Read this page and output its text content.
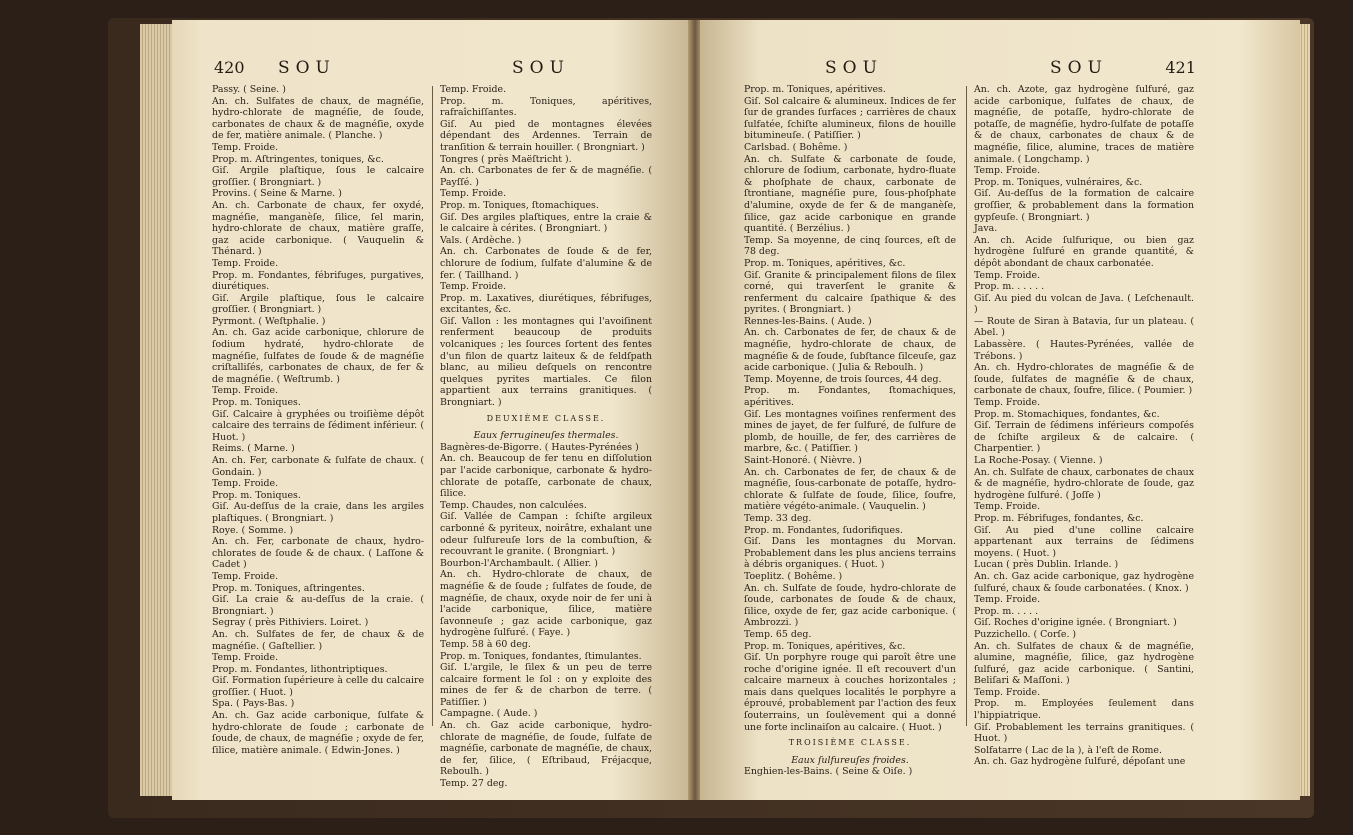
420 SOU	SOU

Passy. ( Seine. )

An. ch. Sulfates de chaux, de magnéſie, hydro-chlorate de magnéſie, de ſoude, carbonates de chaux & de magnéſie, oxyde de fer, matière animale. ( Planche. )

Temp. Froide.

Prop. m. Aſtringentes, toniques, &c.

Giſ. Argile plaſtique, ſous le calcaire groſſier. ( Brongniart. )

Provins. ( Seine & Marne. )

An. ch. Carbonate de chaux, fer oxydé, magnéſie, manganèſe, ſilice, ſel marin, hydro-chlorate de chaux, matière graſſe, gaz acide carbonique. ( Vauquelin & Thénard. )

Temp. Froide.

Prop. m. Fondantes, fébrifuges, purgatives, diurétiques.

Giſ. Argile plaſtique, ſous le calcaire groſſier. ( Brongniart. )

Pyrmont. ( Weſtphalie. )

An. ch. Gaz acide carbonique, chlorure de ſodium hydraté, hydro-chlorate de magnéſie, ſulfates de ſoude & de magnéſie criſtalliſés, carbonates de chaux, de fer & de magnéſie. ( Weſtrumb. )

Temp. Froide.

Prop. m. Toniques.

Giſ. Calcaire à gryphées ou troiſième dépôt calcaire des terrains de ſédiment inférieur. ( Huot. )

Reims. ( Marne. )

An. ch. Fer, carbonate & ſulfate de chaux. ( Gondain. )

Temp. Froide.

Prop. m. Toniques.

Giſ. Au-deſſus de la craie, dans les argiles plaſtiques. ( Brongniart. )

Roye. ( Somme. )

An. ch. Fer, carbonate de chaux, hydro-chlorates de ſoude & de chaux. ( Laſſone & Cadet )

Temp. Froide.

Prop. m. Toniques, aſtringentes.

Giſ. La craie & au-deſſus de la craie. ( Brongniart. )

Segray ( près Pithiviers. Loiret. )

An. ch. Sulfates de fer, de chaux & de magnéſie. ( Gaſtellier. )

Temp. Froide.

Prop. m. Fondantes, lithontriptiques.

Giſ. Formation ſupérieure à celle du calcaire groſſier. ( Huot. )

Spa. ( Pays-Bas. )

An. ch. Gaz acide carbonique, ſulfate & hydro-chlorate de ſoude ; carbonate de ſoude, de chaux, de magnéſie ; oxyde de fer, ſilice, matière animale. ( Edwin-Jones. )

Temp. Froide.

Prop. m. Toniques, apéritives, rafraîchiſſantes.

Giſ. Au pied de montagnes élevées dépendant des Ardennes. Terrain de tranſition & terrain houiller. ( Brongniart. )

Tongres ( près Maëſtricht ).

An. ch. Carbonates de fer & de magnéſie. ( Payſſé. )

Temp. Froide.

Prop. m. Toniques, ſtomachiques.

Giſ. Des argiles plaſtiques, entre la craie & le calcaire à cérites. ( Brongniart. )

Vals. ( Ardèche. )

An. ch. Carbonates de ſoude & de fer, chlorure de ſodium, ſulfate d'alumine & de fer. ( Taillhand. )

Temp. Froide.

Prop. m. Laxatives, diurétiques, fébrifuges, excitantes, &c.

Giſ. Vallon : les montagnes qui l'avoiſinent renferment beaucoup de produits volcaniques ; les ſources ſortent des fentes d'un filon de quartz laiteux & de feldſpath blanc, au milieu deſquels on rencontre quelques pyrites martiales. Ce filon appartient aux terrains granitiques. ( Brongniart. )

DEUXIÈME CLASSE.

Eaux ferrugineuſes thermales.

Bagnères-de-Bigorre. ( Hautes-Pyrénées )

An. ch. Beaucoup de fer tenu en diſſolution par l'acide carbonique, carbonate & hydro-chlorate de potaſſe, carbonate de chaux, ſilice.

Temp. Chaudes, non calculées.

Giſ. Vallée de Campan : ſchiſte argileux carbonné & pyriteux, noirâtre, exhalant une odeur ſulfureuſe lors de la combuſtion, & recouvrant le granite. ( Brongniart. )

Bourbon-l'Archambault. ( Allier. )

An. ch. Hydro-chlorate de chaux, de magnéſie & de ſoude ; ſulfates de ſoude, de magnéſie, de chaux, oxyde noir de fer uni à l'acide carbonique, ſilice, matière ſavonneuſe ; gaz acide carbonique, gaz hydrogène ſulfuré. ( Faye. )

Temp. 58 à 60 deg.

Prop. m. Toniques, fondantes, ſtimulantes.

Giſ. L'argile, le ſilex & un peu de terre calcaire forment le ſol : on y exploite des mines de fer & de charbon de terre. ( Patiſſier. )

Campagne. ( Aude. )

An. ch. Gaz acide carbonique, hydro-chlorate de magnéſie, de ſoude, ſulfate de magnéſie, carbonate de magnéſie, de chaux, de fer, ſilice, ( Eſtribaud, Fréjacque, Reboulh. )

Temp. 27 deg.

SOU	SOU	421

Prop. m. Toniques, apéritives.

Giſ. Sol calcaire & alumineux. Indices de fer ſur de grandes ſurfaces ; carrières de chaux ſulfatée, ſchiſte alumineux, filons de houille bitumineuſe. ( Patiſſier. )

Carlsbad. ( Bohême. )

An. ch. Sulfate & carbonate de ſoude, chlorure de ſodium, carbonate, hydro-fluate & phoſphate de chaux, carbonate de ſtrontiane, magnéſie pure, ſous-phoſphate d'alumine, oxyde de fer & de manganèſe, ſilice, gaz acide carbonique en grande quantité. ( Berzélius. )

Temp. Sa moyenne, de cinq ſources, eſt de 78 deg.

Prop. m. Toniques, apéritives, &c.

Giſ. Granite & principalement filons de ſilex corné, qui traverſent le granite & renferment du calcaire ſpathique & des pyrites. ( Brongniart. )

Rennes-les-Bains. ( Aude. )

An. ch. Carbonates de fer, de chaux & de magnéſie, hydro-chlorate de chaux, de magnéſie & de ſoude, ſubſtance ſilceuſe, gaz acide carbonique. ( Julia & Reboulh. )

Temp. Moyenne, de trois ſources, 44 deg.

Prop. m. Fondantes, ſtomachiques, apéritives.

Giſ. Les montagnes voiſines renferment des mines de jayet, de fer ſulfuré, de ſulfure de plomb, de houille, de fer, des carrières de marbre, &c. ( Patiſſier. )

Saint-Honoré. ( Nièvre. )

An. ch. Carbonates de fer, de chaux & de magnéſie, ſous-carbonate de potaſſe, hydro-chlorate & ſulfate de ſoude, ſilice, ſoufre, matière végéto-animale. ( Vauquelin. )

Temp. 33 deg.

Prop. m. Fondantes, ſudorifiques.

Giſ. Dans les montagnes du Morvan. Probablement dans les plus anciens terrains à débris organiques. ( Huot. )

Toeplitz. ( Bohême. )

An. ch. Sulfate de ſoude, hydro-chlorate de ſoude, carbonates de ſoude & de chaux, ſilice, oxyde de fer, gaz acide carbonique. ( Ambrozzi. )

Temp. 65 deg.

Prop. m. Toniques, apéritives, &c.

Giſ. Un porphyre rouge qui paroît être une roche d'origine ignée. Il eſt recouvert d'un calcaire marneux à couches horizontales ; mais dans quelques localités le porphyre a éprouvé, probablement par l'action des feux ſouterrains, un ſoulèvement qui a donné une forte inclinaiſon au calcaire. ( Huot. )

TROISIÈME CLASSE.

Eaux ſulfureuſes froides.

Enghien-les-Bains. ( Seine & Oiſe. )

An. ch. Azote, gaz hydrogène ſulfuré, gaz acide carbonique, ſulfates de chaux, de magnéſie, de potaſſe, hydro-chlorate de potaſſe, de magnéſie, hydro-ſulfate de potaſſe & de chaux, carbonates de chaux & de magnéſie, ſilice, alumine, traces de matière animale. ( Longchamp. )

Temp. Froide.

Prop. m. Toniques, vulnéraires, &c.

Giſ. Au-deſſus de la formation de calcaire groſſier, & probablement dans la formation gypſeuſe. ( Brongniart. )

Java.

An. ch. Acide ſulfurique, ou bien gaz hydrogène ſulfuré en grande quantité, & dépôt abondant de chaux carbonatée.

Temp. Froide.

Prop. m. . . . . .

Giſ. Au pied du volcan de Java. ( Leſchenault. )

— Route de Siran à Batavia, ſur un plateau. ( Abel. )

Labassère. ( Hautes-Pyrénées, vallée de Trébons. )

An. ch. Hydro-chlorates de magnéſie & de ſoude, ſulfates de magnéſie & de chaux, carbonate de chaux, ſoufre, ſilice. ( Poumier. )

Temp. Froide.

Prop. m. Stomachiques, fondantes, &c.

Giſ. Terrain de ſédimens inférieurs compoſés de ſchiſte argileux & de calcaire. ( Charpentier. )

La Roche-Posay. ( Vienne. )

An. ch. Sulfate de chaux, carbonates de chaux & de magnéſie, hydro-chlorate de ſoude, gaz hydrogène ſulfuré. ( Joſſe )

Temp. Froide.

Prop. m. Fébrifuges, fondantes, &c.

Giſ. Au pied d'une colline calcaire appartenant aux terrains de ſédimens moyens. ( Huot. )

Lucan ( près Dublin. Irlande. )

An. ch. Gaz acide carbonique, gaz hydrogène ſulfuré, chaux & ſoude carbonatées. ( Knox. )

Temp. Froide.

Prop. m. . . . .

Giſ. Roches d'origine ignée. ( Brongniart. )

Puzzichello. ( Corſe. )

An. ch. Sulfates de chaux & de magnéſie, alumine, magnéſie, ſilice, gaz hydrogène ſulfuré, gaz acide carbonique. ( Santini, Beliſari & Maſſoni. )

Temp. Froide.

Prop. m. Employées ſeulement dans l'hippiatrique.

Giſ. Probablement les terrains granitiques. ( Huot. )

Solfatarre ( Lac de la ), à l'eſt de Rome.

An. ch. Gaz hydrogène ſulfuré, dépoſant une
